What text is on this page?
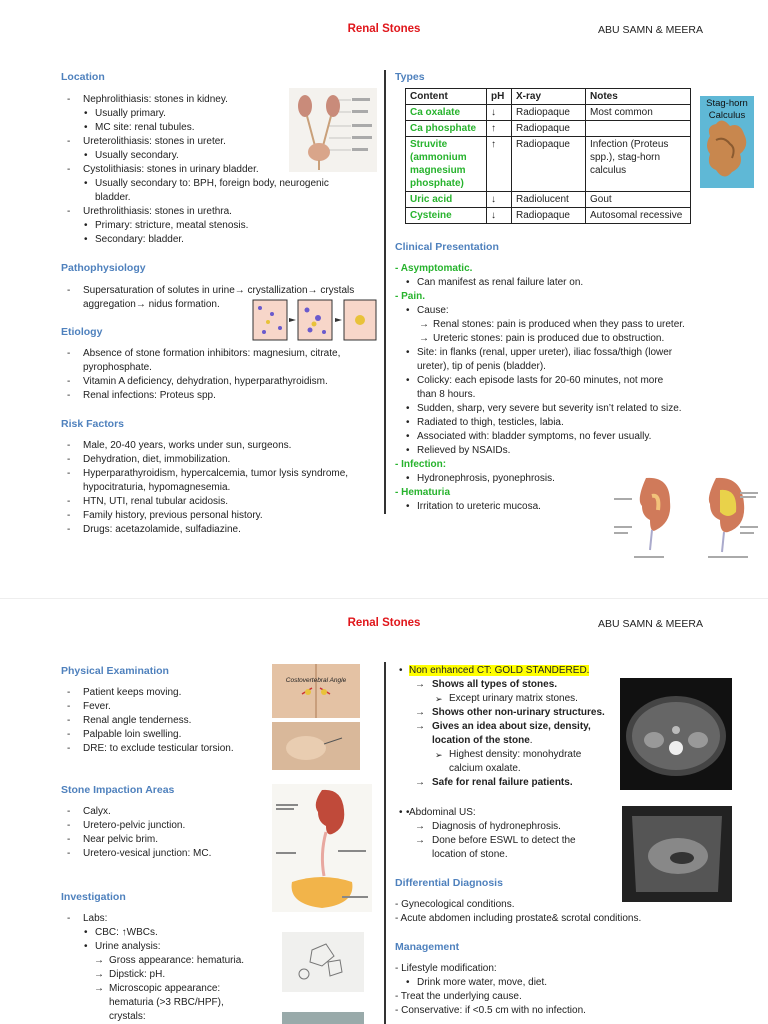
Renal Stones	ABU SAMN & MEERA
Location
- Nephrolithiasis: stones in kidney.
• Usually primary.
• MC site: renal tubules.
- Ureterolithiasis: stones in ureter.
• Usually secondary.
- Cystolithiasis: stones in urinary bladder.
• Usually secondary to: BPH, foreign body, neurogenic
bladder.
- Urethrolithiasis: stones in urethra.
• Primary: stricture, meatal stenosis.
• Secondary: bladder.
Pathophysiology
- Supersaturation of solutes in urine→ crystallization→ crystals
aggregation→ nidus formation.
Etiology
- Absence of stone formation inhibitors: magnesium, citrate,
pyrophosphate.
- Vitamin A deficiency, dehydration, hyperparathyroidism.
- Renal infections: Proteus spp.
Risk Factors
- Male, 20-40 years, works under sun, surgeons.
- Dehydration, diet, immobilization.
- Hyperparathyroidism, hypercalcemia, tumor lysis syndrome,
hypocitraturia, hypomagnesemia.
- HTN, UTI, renal tubular acidosis.
- Family history, previous personal history.
- Drugs: acetazolamide, sulfadiazine.
Types
Content	pH	X-ray	Notes
Ca oxalate	↓	Radiopaque	Most common
Ca phosphate	↑	Radiopaque	
Struvite (ammonium magnesium phosphate)	↑	Radiopaque	Infection (Proteus spp.), stag-horn calculus
Uric acid	↓	Radiolucent	Gout
Cysteine	↓	Radiopaque	Autosomal recessive
Stag-horn Calculus
Clinical Presentation
- Asymptomatic.
• Can manifest as renal failure later on.
- Pain.
• Cause:
→ Renal stones: pain is produced when they pass to ureter.
→ Ureteric stones: pain is produced due to obstruction.
• Site: in flanks (renal, upper ureter), iliac fossa/thigh (lower
ureter), tip of penis (bladder).
• Colicky: each episode lasts for 20-60 minutes, not more
than 8 hours.
• Sudden, sharp, very severe but severity isn’t related to size.
• Radiated to thigh, testicles, labia.
• Associated with: bladder symptoms, no fever usually.
• Relieved by NSAIDs.
- Infection:
• Hydronephrosis, pyonephrosis.
- Hematuria
• Irritation to ureteric mucosa.
Renal Stones	ABU SAMN & MEERA
Physical Examination
- Patient keeps moving.
- Fever.
- Renal angle tenderness.
- Palpable loin swelling.
- DRE: to exclude testicular torsion.
Costovertebral Angle
Stone Impaction Areas
- Calyx.
- Uretero-pelvic junction.
- Near pelvic brim.
- Uretero-vesical junction: MC.
Investigation
- Labs:
• CBC: ↑WBCs.
• Urine analysis:
→ Gross appearance: hematuria.
→ Dipstick: pH.
→ Microscopic appearance:
hematuria (>3 RBC/HPF),
crystals:
• Non enhanced CT: GOLD STANDERED.
→ Shows all types of stones.
➢ Except urinary matrix stones.
→ Shows other non-urinary structures.
→ Gives an idea about size, density,
location of the stone.
➢ Highest density: monohydrate
calcium oxalate.
→ Safe for renal failure patients.
• • Abdominal US:
→ Diagnosis of hydronephrosis.
→ Done before ESWL to detect the
location of stone.
Differential Diagnosis
- Gynecological conditions.
- Acute abdomen including prostate& scrotal conditions.
Management
- Lifestyle modification:
• Drink more water, move, diet.
- Treat the underlying cause.
- Conservative: if <0.5 cm with no infection.
